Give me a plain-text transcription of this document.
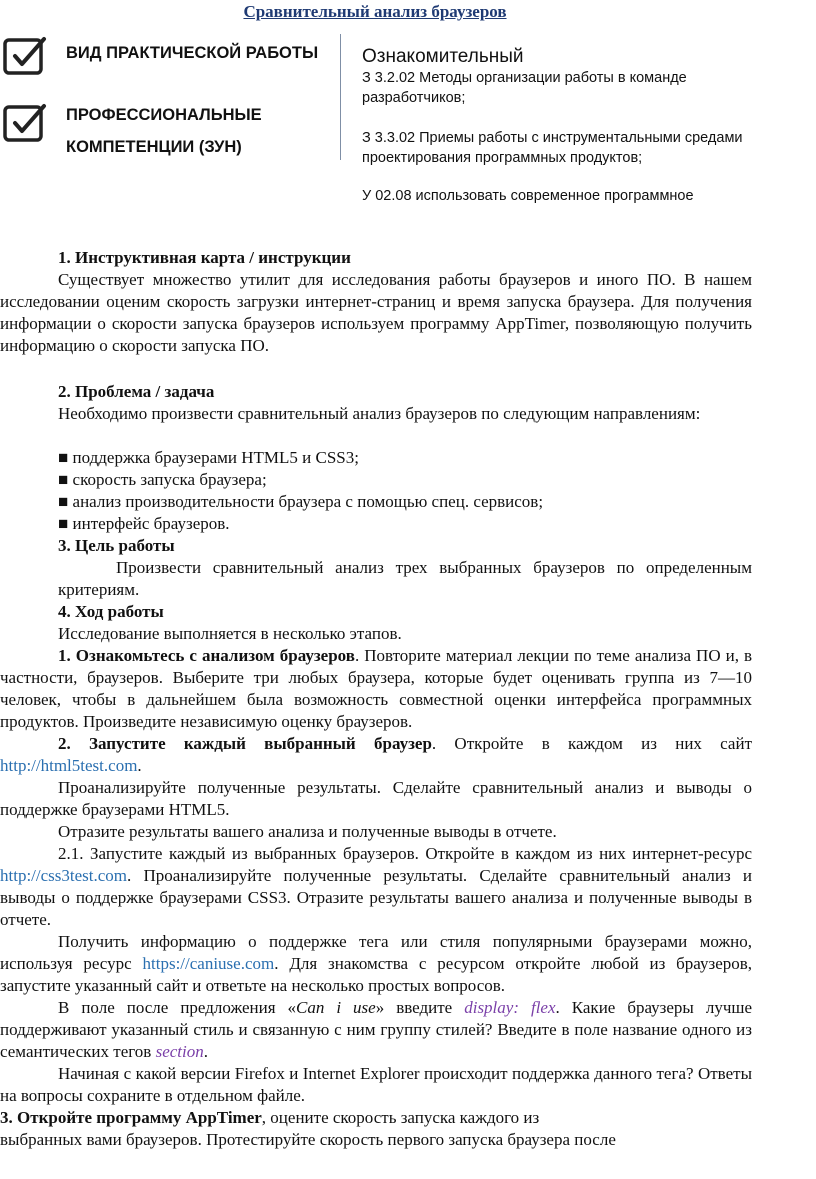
Сравнительный анализ браузеров
ВИД ПРАКТИЧЕСКОЙ РАБОТЫ
ПРОФЕССИОНАЛЬНЫЕ
КОМПЕТЕНЦИИ (ЗУН)
Ознакомительный
З 3.2.02 Методы организации работы в команде разработчиков;
З 3.3.02 Приемы работы с инструментальными средами проектирования программных продуктов;
У 02.08 использовать современное программное
1. Инструктивная карта / инструкции
Существует множество утилит для исследования работы браузеров и иного ПО. В нашем исследовании оценим скорость загрузки интернет-страниц и время запуска браузера. Для получения информации о скорости запуска браузеров используем программу AppTimer, позволяющую получить информацию о скорости запуска ПО.
2. Проблема / задача
Необходимо произвести сравнительный анализ браузеров по следующим направлениям:
■ поддержка браузерами HTML5 и CSS3;
■ скорость запуска браузера;
■ анализ производительности браузера с помощью спец. сервисов;
■ интерфейс браузеров.
3. Цель работы
Произвести сравнительный анализ трех выбранных браузеров по определенным критериям.
4. Ход работы
Исследование выполняется в несколько этапов.
1. Ознакомьтесь с анализом браузеров. Повторите материал лекции по теме анализа ПО и, в частности, браузеров. Выберите три любых браузера, которые будет оценивать группа из 7—10 человек, чтобы в дальнейшем была возможность совместной оценки интерфейса программных продуктов. Произведите независимую оценку браузеров.
2. Запустите каждый выбранный браузер. Откройте в каждом из них сайт http://html5test.com.
Проанализируйте полученные результаты. Сделайте сравнительный анализ и выводы о поддержке браузерами HTML5.
Отразите результаты вашего анализа и полученные выводы в отчете.
2.1. Запустите каждый из выбранных браузеров. Откройте в каждом из них интернет-ресурс http://css3test.com. Проанализируйте полученные результаты. Сделайте сравнительный анализ и выводы о поддержке браузерами CSS3. Отразите результаты вашего анализа и полученные выводы в отчете.
Получить информацию о поддержке тега или стиля популярными браузерами можно, используя ресурс https://caniuse.com. Для знакомства с ресурсом откройте любой из браузеров, запустите указанный сайт и ответьте на несколько простых вопросов.
В поле после предложения «Can i use» введите display: flex. Какие браузеры лучше поддерживают указанный стиль и связанную с ним группу стилей? Введите в поле название одного из семантических тегов section.
Начиная с какой версии Firefox и Internet Explorer происходит поддержка данного тега? Ответы на вопросы сохраните в отдельном файле.
3. Откройте программу AppTimer, оцените скорость запуска каждого из выбранных вами браузеров. Протестируйте скорость первого запуска браузера после
